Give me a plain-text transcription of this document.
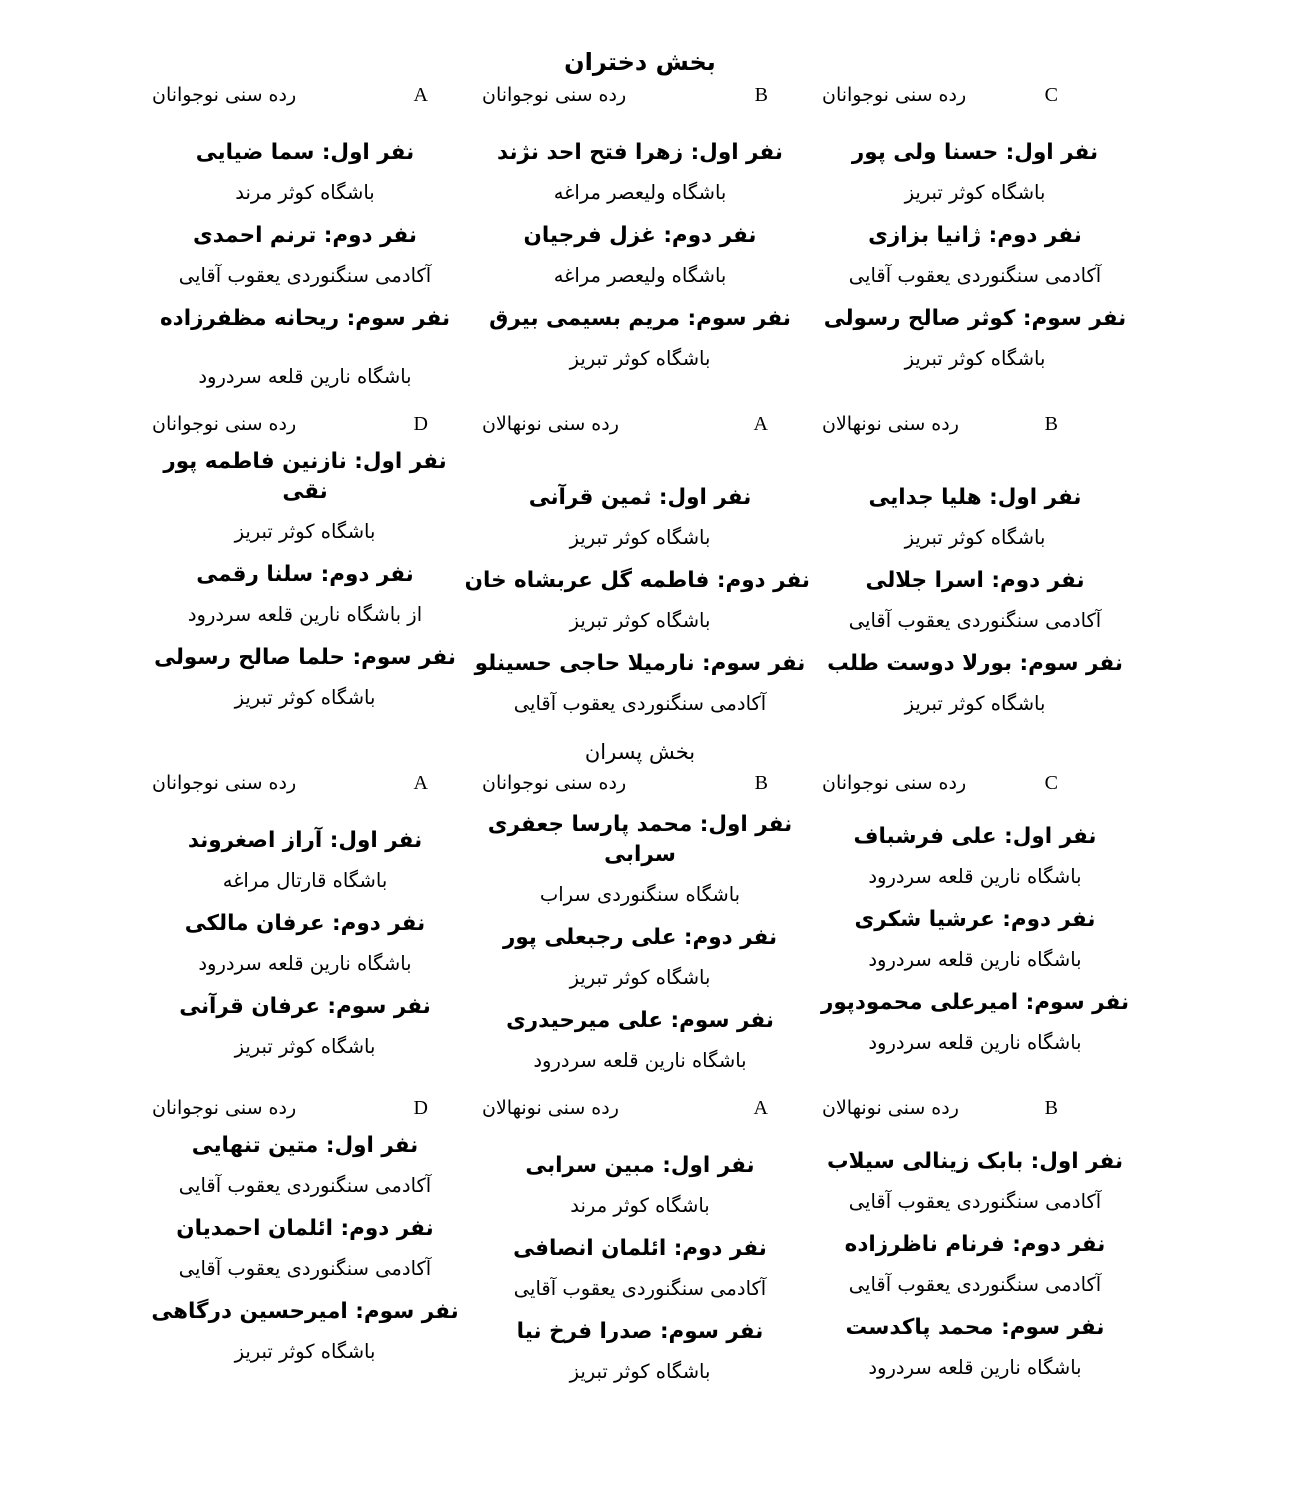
بخش دختران
رده سنی نوجوانان	A
نفر اول: سما ضیایی
باشگاه کوثر مرند
نفر دوم: ترنم احمدی
آکادمی سنگنوردی یعقوب آقایی
نفر سوم: ریحانه مظفرزاده
باشگاه نارین قلعه سردرود
رده سنی نوجوانان	B
نفر اول: زهرا فتح احد نژند
باشگاه ولیعصر مراغه
نفر دوم: غزل فرجیان
باشگاه ولیعصر مراغه
نفر سوم: مریم بسیمی بیرق
باشگاه کوثر تبریز
رده سنی نوجوانان	C
نفر اول: حسنا ولی پور
باشگاه کوثر تبریز
نفر دوم: ژانیا بزازی
آکادمی سنگنوردی یعقوب آقایی
نفر سوم: کوثر صالح رسولی
باشگاه کوثر تبریز
رده سنی نوجوانان	D
نفر اول: نازنین فاطمه پور نقی
باشگاه کوثر تبریز
نفر دوم: سلنا رقمی
از باشگاه نارین قلعه سردرود
نفر سوم: حلما صالح رسولی
باشگاه کوثر تبریز
رده سنی نونهالان	A
نفر اول: ثمین قرآنی
باشگاه کوثر تبریز
نفر دوم: فاطمه گل عربشاه خان
باشگاه کوثر تبریز
نفر سوم: نارمیلا حاجی حسینلو
آکادمی سنگنوردی یعقوب آقایی
رده سنی نونهالان	B
نفر اول: هلیا جدایی
باشگاه کوثر تبریز
نفر دوم: اسرا جلالی
آکادمی سنگنوردی یعقوب آقایی
نفر سوم: بورلا دوست طلب
باشگاه کوثر تبریز
بخش پسران
رده سنی نوجوانان	A
نفر اول: آراز اصغروند
باشگاه قارتال مراغه
نفر دوم: عرفان مالکی
باشگاه نارین قلعه سردرود
نفر سوم: عرفان قرآنی
باشگاه کوثر تبریز
رده سنی نوجوانان	B
نفر اول: محمد پارسا جعفری سرابی
باشگاه سنگنوردی سراب
نفر دوم: علی رجبعلی پور
باشگاه کوثر تبریز
نفر سوم: علی میرحیدری
باشگاه نارین قلعه سردرود
رده سنی نوجوانان	C
نفر اول: علی فرشباف
باشگاه نارین قلعه سردرود
نفر دوم: عرشیا شکری
باشگاه نارین قلعه سردرود
نفر سوم: امیرعلی محمودپور
باشگاه نارین قلعه سردرود
رده سنی نوجوانان	D
نفر اول: متین تنهایی
آکادمی سنگنوردی یعقوب آقایی
نفر دوم: ائلمان احمدیان
آکادمی سنگنوردی یعقوب آقایی
نفر سوم: امیرحسین درگاهی
باشگاه کوثر تبریز
رده سنی نونهالان	A
نفر اول: مبین سرابی
باشگاه کوثر مرند
نفر دوم: ائلمان انصافی
آکادمی سنگنوردی یعقوب آقایی
نفر سوم: صدرا فرخ نیا
باشگاه کوثر تبریز
رده سنی نونهالان	B
نفر اول: بابک زینالی سیلاب
آکادمی سنگنوردی یعقوب آقایی
نفر دوم: فرنام ناظرزاده
آکادمی سنگنوردی یعقوب آقایی
نفر سوم: محمد پاکدست
باشگاه نارین قلعه سردرود
